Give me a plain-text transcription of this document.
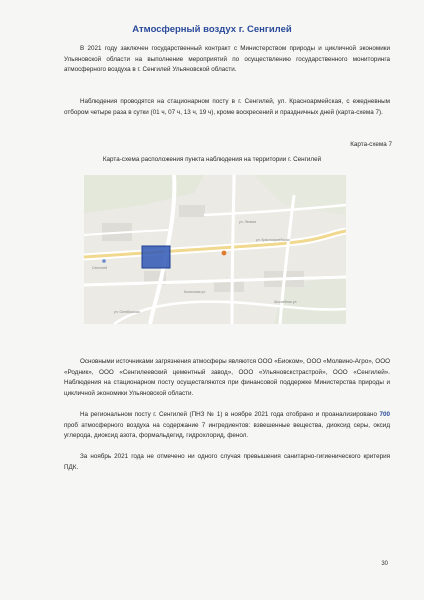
Атмосферный воздух г. Сенгилей
В 2021 году заключен государственный контракт с Министерством природы и цикличной экономики Ульяновской области на выполнение мероприятий по осуществлению государственного мониторинга атмосферного воздуха в г. Сенгилей Ульяновской области.
Наблюдения проводятся на стационарном посту в г. Сенгилей, ул. Красноармейская, с ежедневным отбором четыре раза в сутки (01 ч, 07 ч, 13 ч, 19 ч), кроме воскресений и праздничных дней (карта-схема 7).
Карта-схема 7
Карта-схема расположения пункта наблюдения на территории г. Сенгилей
ул. Красноармейская
Сенгилей
Колхозная ул.
ул. Октябрьская
Шоссейная ул.
ул. Ленина
Основными источниками загрязнения атмосферы являются ООО «Биоком», ООО «Молвино-Агро», ООО «Родник», ООО «Сенгилеевский цементный завод», ООО «Ульяновскстрастрой», ООО «Сенгилей». Наблюдения на стационарном посту осуществляются при финансовой поддержке Министерства природы и цикличной экономики Ульяновской области.
На региональном посту г. Сенгилей (ПНЗ № 1) в ноябре 2021 года отобрано и проанализировано 700 проб атмосферного воздуха на содержание 7 ингредиентов: взвешенные вещества, диоксид серы, оксид углерода, диоксид азота, формальдегид, гидрохлорид, фенол.
За ноябрь 2021 года не отмечено ни одного случая превышения санитарно-гигиенического критерия ПДК.
30
